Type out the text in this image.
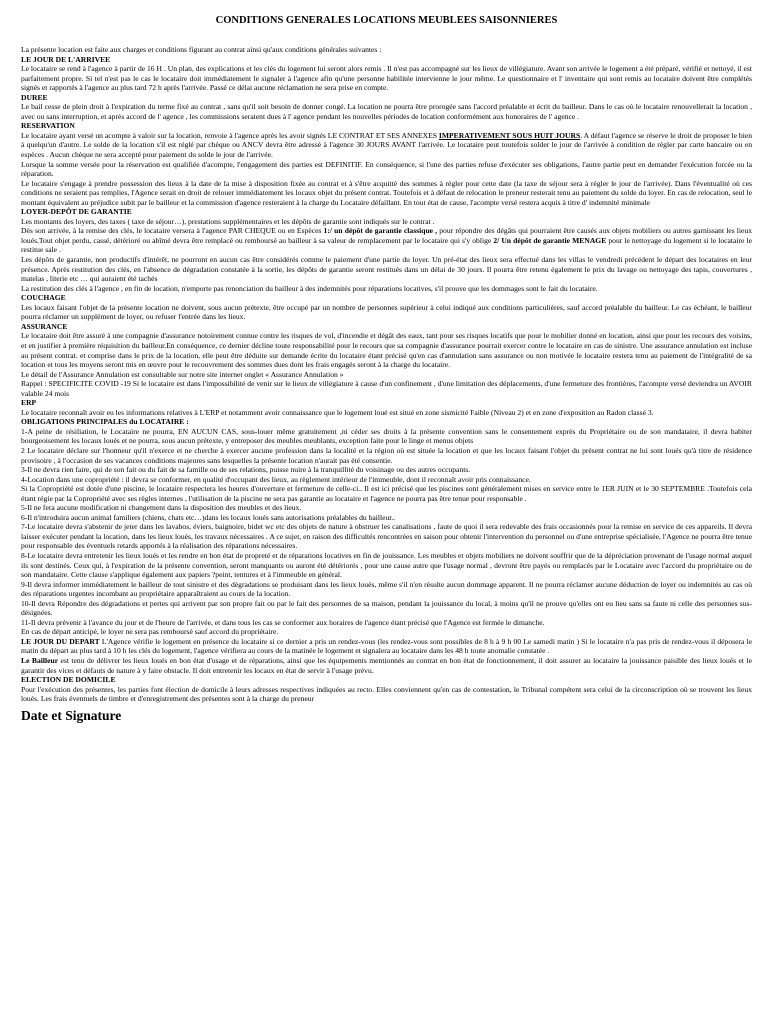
CONDITIONS GENERALES LOCATIONS MEUBLEES SAISONNIERES

La présente location est faite aux charges et conditions figurant au contrat ainsi qu'aux conditions générales suivantes :

LE JOUR DE L'ARRIVEE

Le locataire se rend à l'agence à partir de 16 H . Un plan, des explications et les clés du logement lui seront alors remis . Il n'est pas accompagné sur les lieux de villégiature. Avant son arrivée le logement a été préparé, vérifié et nettoyé, il est parfaitement propre. Si tel n'est pas le cas le locataire doit immédiatement le signaler à l'agence afin qu'une personne habilitée intervienne le jour même. Le questionnaire et l' inventaire qui sont remis au locataire doivent être complétés signés et rapportés à l'agence au plus tard 72 h après l'arrivée. Passé ce délai aucune réclamation ne sera prise en compte.

DUREE

Le bail cesse de plein droit à l'expiration du terme fixé au contrat , sans qu'il soit besoin de donner congé. La location ne pourra être prorogée sans l'accord préalable et écrit du bailleur. Dans le cas où le locataire renouvellerait la location , avec ou sans interruption, et après accord de l' agence , les commissions seraient dues à l' agence pendant les nouvelles périodes de location conformément aux honoraires de l' agence .

RESERVATION

Le locataire ayant versé un acompte à valoir sur la location, renvoie à l'agence après les avoir signés LE CONTRAT ET SES ANNEXES IMPERATIVEMENT SOUS HUIT JOURS. A défaut l'agence se réserve le droit de proposer le bien à quelqu'un d'autre. Le solde de la location s'il est réglé par chèque ou ANCV devra être adressé à l'agence 30 JOURS AVANT l'arrivée. Le locataire peut toutefois solder le jour de l'arrivée à condition de régler par carte bancaire ou en espèces . Aucun chèque ne sera accepté pour paiement du solde le jour de l'arrivée.

Lorsque la somme versée pour la réservation est qualifiée d'acompte, l'engagement des parties est DEFINITIF. En conséquence, si l'une des parties refuse d'exécuter ses obligations, l'autre partie peut en demander l'exécution forcée ou la réparation.

Le locataire s'engage à prendre possession des lieux à la date de la mise à disposition fixée au contrat et à s'être acquitté des sommes à régler pour cette date (la taxe de séjour sera à régler le jour de l'arrivée). Dans l'éventualité où ces conditions ne seraient pas remplies, l'Agence serait en droit de relouer immédiatement les locaux objet du présent contrat. Toutefois et à défaut de relocation le preneur resterait tenu au paiement du solde du loyer. En cas de relocation, seul le montant équivalent au préjudice subit par le bailleur et la commission d'agence resteraient à la charge du Locataire défaillant. En tout état de cause, l'acompte versé restera acquis à titre d' indemnité minimale

LOYER-DEPÔT DE GARANTIE

Les montants des loyers, des taxes ( taxe de séjour…), prestations supplémentaires et les dépôts de garantie sont indiqués sur le contrat .

Dès son arrivée, à la remise des clés, le locataire versera à l'agence PAR CHEQUE ou en Espèces 1:/ un dépôt de garantie classique , pour répondre des dégâts qui pourraient être causés aux objets mobiliers ou autres garnissant les lieux loués.Tout objet perdu, cassé, détérioré ou abîmé devra être remplacé ou remboursé au bailleur à sa valeur de remplacement par le locataire qui s'y oblige 2/ Un dépôt de garantie MENAGE pour le nettoyage du logement si le locataire le restitue sale .

Les dépôts de garantie, non productifs d'intérêt, ne pourront en aucun cas être considérés comme le paiement d'une partie du loyer. Un pré-état des lieux sera effectué dans les villas le vendredi précédent le départ des locataires en leur présence. Après restitution des clés, en l'absence de dégradation constatée à la sortie, les dépôts de garantie seront restitués dans un délai de 30 jours. Il pourra être retenu également le prix du lavage ou nettoyage des tapis, couvertures , matelas , literie etc … qui auraient été tachés

La restitution des clés à l'agence , en fin de location, n'emporte pas renonciation du bailleur à des indemnités pour réparations locatives, s'il prouve que les dommages sont le fait du locataire.

COUCHAGE

Les locaux faisant l'objet de la présente location ne doivent, sous aucun prétexte, être occupé par un nombre de personnes supérieur à celui indiqué aux conditions particulières, sauf accord préalable du bailleur. Le cas échéant, le bailleur pourra réclamer un supplément de loyer, ou refuser l'entrée dans les lieux.

ASSURANCE

Le locataire doit être assuré à une compagnie d'assurance notoirement connue contre les risques de vol, d'incendie et dégât des eaux, tant pour ses risques locatifs que pour le mobilier donné en location, ainsi que pour les recours des voisins, et en justifier à première réquisition du bailleur.En conséquence, ce dernier décline toute responsabilité pour le recours que sa compagnie d'assurance pourrait exercer contre le locataire en cas de sinistre. Une assurance annulation est incluse au présent contrat. et comprise dans le prix de la location, elle peut être déduite sur demande écrite du locataire étant précisé qu'en cas d'annulation sans assurance ou non motivée le locataire restera tenu au paiement de l'intégralité de sa location et tous les moyens seront mis en œuvre pour le recouvrement des sommes dues dont les frais engagés seront à la charge du locataire.

Le détail de l'Assurance Annulation est consultable sur notre site internet onglet « Assurance Annulation »

Rappel : SPECIFICITE COVID -19 Si le locataire est dans l'impossibilité de venir sur le lieux de villégiature à cause d'un confinement , d'une limitation des déplacements, d'une fermeture des frontières, l'acompte versé deviendra un AVOIR valable 24 mois

ERP

Le locataire reconnaît avoir eu les informations relatives à L'ERP et notamment avoir connaissance que le logement loué est situé en zone sismicité Faible (Niveau 2) et en zone d'exposition au Radon classé 3.

OBLIGATIONS PRINCIPALES du LOCATAIRE :

1-A peine de résiliation, le Locataire ne pourra, EN AUCUN CAS, sous-louer même gratuitement ,ni céder ses droits à la présente convention sans le consentement exprès du Propriétaire ou de son mandataire, il devra habiter bourgeoisement les locaux loués et ne pourra, sous aucun prétexte, y entreposer des meubles meublants, exception faite pour le linge et menus objets

2 Le locataire déclare sur l'honneur qu'il n'exerce et ne cherche à exercer aucune profession dans la localité et la région où est située la location et que les locaux faisant l'objet du présent contrat ne lui sont loués qu'à titre de résidence provisoire , à l'occasion de ses vacances conditions majeures sans lesquelles la présente location n'aurait pas été consentie.

3-Il ne devra rien faire, qui de son fait ou du fait de sa famille ou de ses relations, puisse nuire à la tranquillité du voisinage ou des autres occupants.

4-Location dans une copropriété : il devra se conformer, en qualité d'occupant des lieux, au règlement intérieur de l'immeuble, dont il reconnaît avoir pris connaissance.

Si la Copropriété est dotée d'une piscine, le locataire respectera les heures d'ouverture et fermeture de celle-ci.. Il est ici précisé que les piscines sont généralement mises en service entre le 1ER JUIN et le 30 SEPTEMBRE .Toutefois cela étant régie par la Copropriété avec ses règles internes , l'utilisation de la piscine ne sera pas garantie au locataire et l'agence ne pourra pas être tenue pour responsable .

5-Il ne fera aucune modification ni changement dans la disposition des meubles et des lieux.

6-Il n'introduira aucun animal familiers (chiens, chats etc…)dans les locaux loués sans autorisations préalables du bailleur..

7-Le locataire devra s'abstenir de jeter dans les lavabos, éviers, baignoire, bidet wc etc des objets de nature à obstruer les canalisations , faute de quoi il sera redevable des frais occasionnés pour la remise en service de ces appareils. Il devra laisser exécuter pendant la location, dans les lieux loués, les travaux nécessaires . A ce sujet, en raison des difficultés rencontrées en saison pour obtenir l'intervention du personnel ou d'une entreprise spécialisée, l'Agence ne pourra être tenue pour responsable des éventuels retards apportés à la réalisation des réparations nécessaires.

8-Le locataire devra entretenir les lieux loués et les rendre en bon état de propreté et de réparations locatives en fin de jouissance. Les meubles et objets mobiliers ne doivent souffrir que de la dépréciation provenant de l'usage normal auquel ils sont destinés. Ceux qui, à l'expiration de la présente convention, seront manquants ou auront été détériorés , pour une cause autre que l'usage normal , devront être payés ou remplacés par le Locataire avec l'accord du propriétaire ou de son mandataire. Cette clause s'applique également aux papiers ?peint, tentures et à l'immeuble en général.

9-Il devra informer immédiatement le bailleur de tout sinistre et des dégradations se produisant dans les lieux loués, même s'il n'en résulte aucun dommage apparent. Il ne pourra réclamer aucune déduction de loyer ou indemnités au cas où des réparations urgentes incombant au propriétaire apparaîtraient au cours de la location.

10-Il devra Répondre des dégradations et pertes qui arrivent par son propre fait ou par le fait des personnes de sa maison, pendant la jouissance du local, à moins qu'il ne prouve qu'elles ont eu lieu sans sa faute ni celle des personnes sus-désignées.

11-Il devra prévenir à l'avance du jour et de l'heure de l'arrivée, et dans tous les cas se conformer aux horaires de l'agence étant précisé que l'Agence est fermée le dimanche.

En cas de départ anticipé, le loyer ne sera pas remboursé sauf accord du propriétaire.

LE JOUR DU DEPART L'Agence vérifie le logement en présence du locataire si ce dernier a pris un rendez-vous (les rendez-vous sont possibles de 8 h à 9 h 00 Le samedi matin ) Si le locataire n'a pas pris de rendez-vous il déposera le matin du départ au plus tard à 10 h les clés du logement, l'agence vérifiera au cours de la matinée le logement et signalera au locataire dans les 48 h toute anomalie constatée .

Le Bailleur est tenu de délivrer les lieux loués en bon état d'usage et de réparations, ainsi que les équipements mentionnés au contrat en bon état de fonctionnement, il doit assurer au locataire la jouissance paisible des lieux loués et le garantir des vices et défauts de nature à y faire obstacle. Il doit entretenir les locaux en état de servir à l'usage prévu.

ELECTION DE DOMICILE

Pour l'exécution des présentes, les parties font élection de domicile à leurs adresses respectives indiquées au recto. Elles conviennent qu'en cas de contestation, le Tribunal compétent sera celui de la circonscription où se trouvent les lieux loués. Les frais éventuels de timbre et d'enregistrement des présentes sont à la charge du preneur

Date et Signature
